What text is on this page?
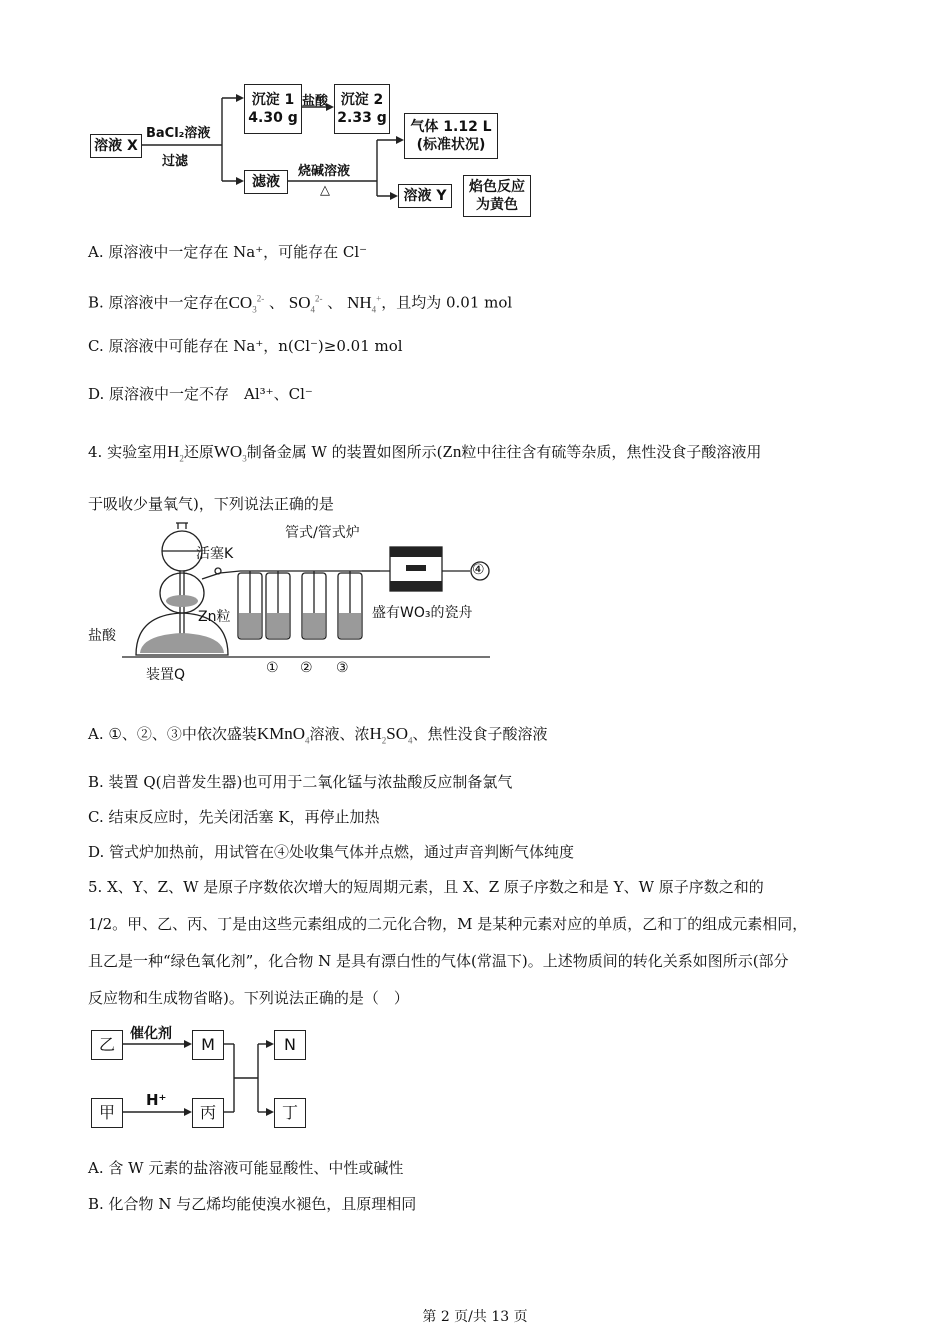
溶液 X
BaCl₂溶液
过滤
沉淀 1
4.30 g
盐酸 沉淀 2
2.33 g
气体 1.12 L
(标准状况)
滤液
烧碱溶液
△	溶液 Y
焰色反应
为黄色
A. 原溶液中一定存在 Na⁺，可能存在 Cl⁻
B. 原溶液中一定存在$CO_3^{2-}$ 、 $SO_4^{2-}$ 、 $NH_4^+$，且均为 0.01 mol
C. 原溶液中可能存在 Na⁺，n(Cl⁻)≥0.01 mol
D. 原溶液中一定不存　Al³⁺、Cl⁻
4. 实验室用$H_2$还原$WO_3$制备金属 W 的装置如图所示(Zn粒中往往含有硫等杂质，焦性没食子酸溶液用
于吸收少量氧气)，下列说法正确的是
管式/管式炉
活塞K
Zn粒
盐酸
盛有WO₃的瓷舟
装置Q	① ② ③
④
A. ①、②、③中依次盛装KMnO$_4$溶液、浓$H_2SO_4$、焦性没食子酸溶液
B. 装置 Q(启普发生器)也可用于二氧化锰与浓盐酸反应制备氯气
C. 结束反应时，先关闭活塞 K，再停止加热
D. 管式炉加热前，用试管在④处收集气体并点燃，通过声音判断气体纯度
5. X、Y、Z、W 是原子序数依次增大的短周期元素，且 X、Z 原子序数之和是 Y、W 原子序数之和的
1/2。甲、乙、丙、丁是由这些元素组成的二元化合物，M 是某种元素对应的单质，乙和丁的组成元素相同，
且乙是一种“绿色氧化剂”，化合物 N 是具有漂白性的气体(常温下)。上述物质间的转化关系如图所示(部分
反应物和生成物省略)。下列说法正确的是（　）
乙
催化剂
M	N
甲
H⁺
丙	丁
A. 含 W 元素的盐溶液可能显酸性、中性或碱性
B. 化合物 N 与乙烯均能使溴水褪色，且原理相同
第 2 页/共 13 页
